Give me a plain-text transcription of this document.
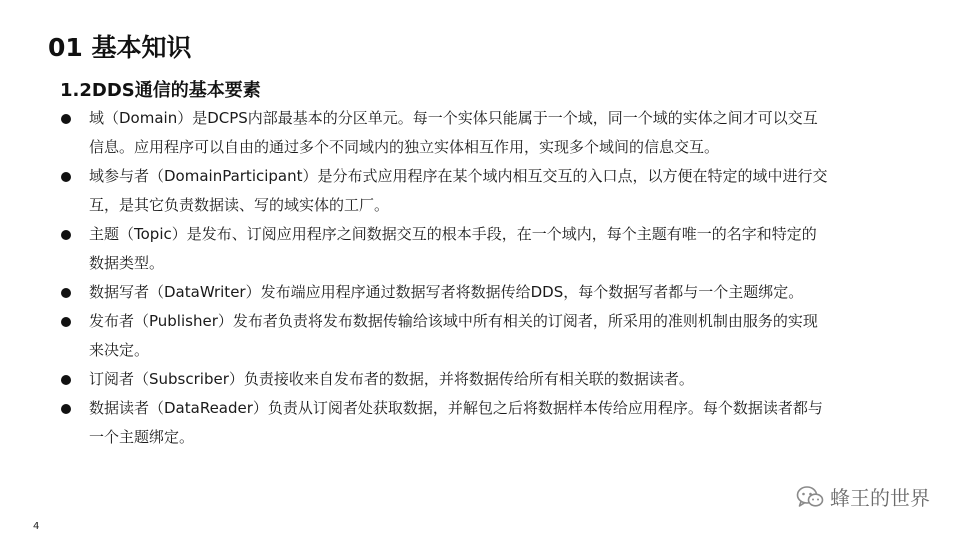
01 基本知识
1.2DDS通信的基本要素
域（Domain）是DCPS内部最基本的分区单元。每一个实体只能属于一个域，同一个域的实体之间才可以交互信息。应用程序可以自由的通过多个不同域内的独立实体相互作用，实现多个域间的信息交互。
域参与者（DomainParticipant）是分布式应用程序在某个域内相互交互的入口点，以方便在特定的域中进行交互，是其它负责数据读、写的域实体的工厂。
主题（Topic）是发布、订阅应用程序之间数据交互的根本手段，在一个域内，每个主题有唯一的名字和特定的数据类型。
数据写者（DataWriter）发布端应用程序通过数据写者将数据传给DDS，每个数据写者都与一个主题绑定。
发布者（Publisher）发布者负责将发布数据传输给该域中所有相关的订阅者，所采用的准则机制由服务的实现来决定。
订阅者（Subscriber）负责接收来自发布者的数据，并将数据传给所有相关联的数据读者。
数据读者（DataReader）负责从订阅者处获取数据，并解包之后将数据样本传给应用程序。每个数据读者都与一个主题绑定。
4
蜂王的世界
